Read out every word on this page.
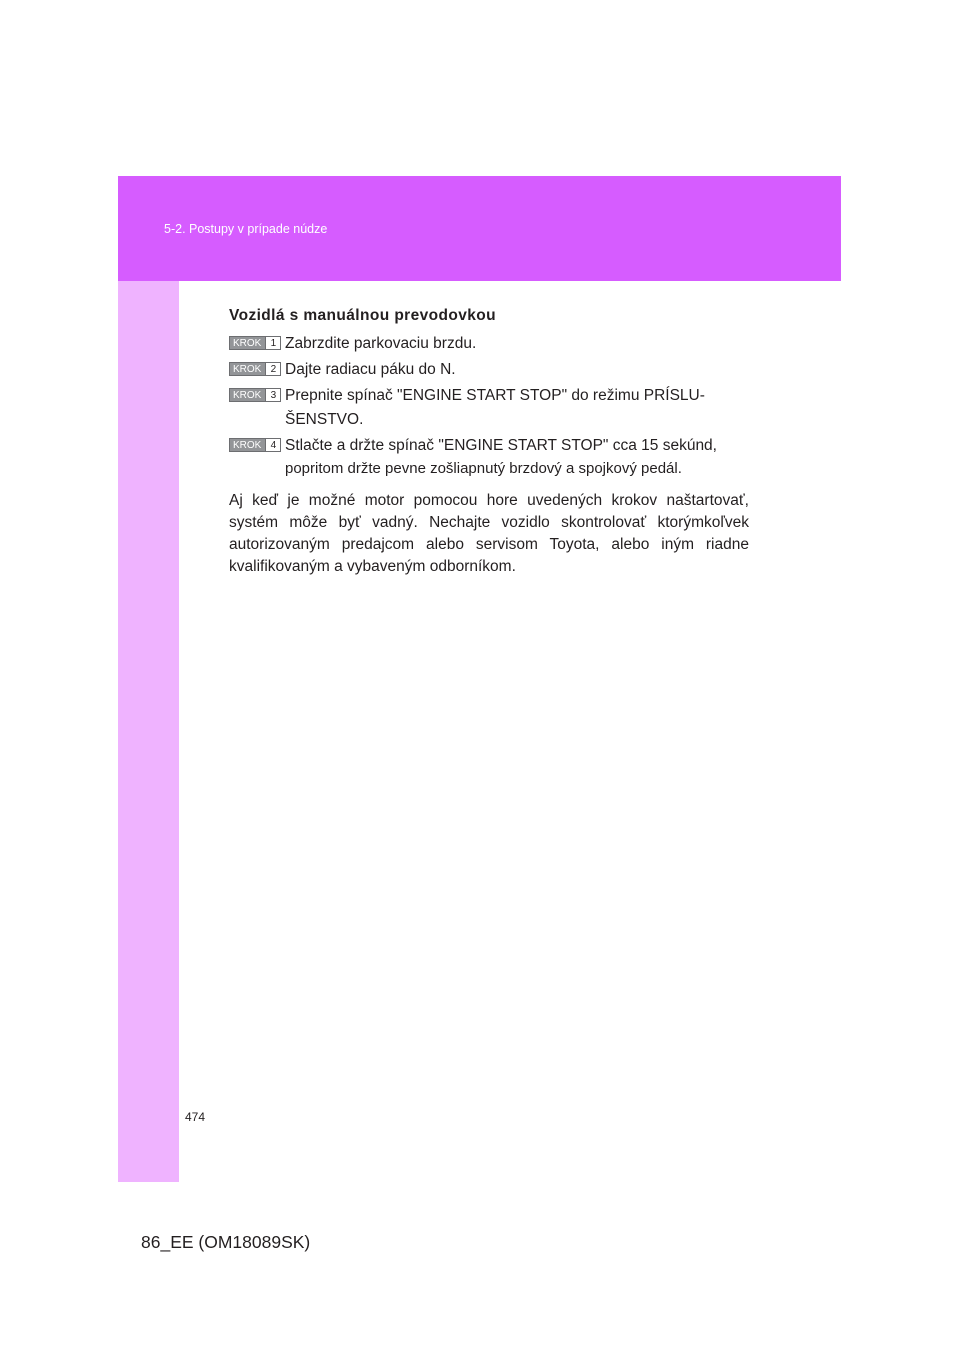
5-2. Postupy v prípade núdze
474
Vozidlá s manuálnou prevodovkou
KROK 1 Zabrzdite parkovaciu brzdu.
KROK 2 Dajte radiacu páku do N.
KROK 3 Prepnite spínač "ENGINE START STOP" do režimu PRÍSLU-
ŠENSTVO.
KROK 4 Stlačte a držte spínač "ENGINE START STOP" cca 15 sekúnd,
popritom držte pevne zošliapnutý brzdový a spojkový pedál.
Aj keď je možné motor pomocou hore uvedených krokov naštartovať, systém môže byť vadný. Nechajte vozidlo skontrolovať ktorýmkoľvek autorizovaným predajcom alebo servisom Toyota, alebo iným riadne kvalifikovaným a vybaveným odborníkom.
86_EE (OM18089SK)
